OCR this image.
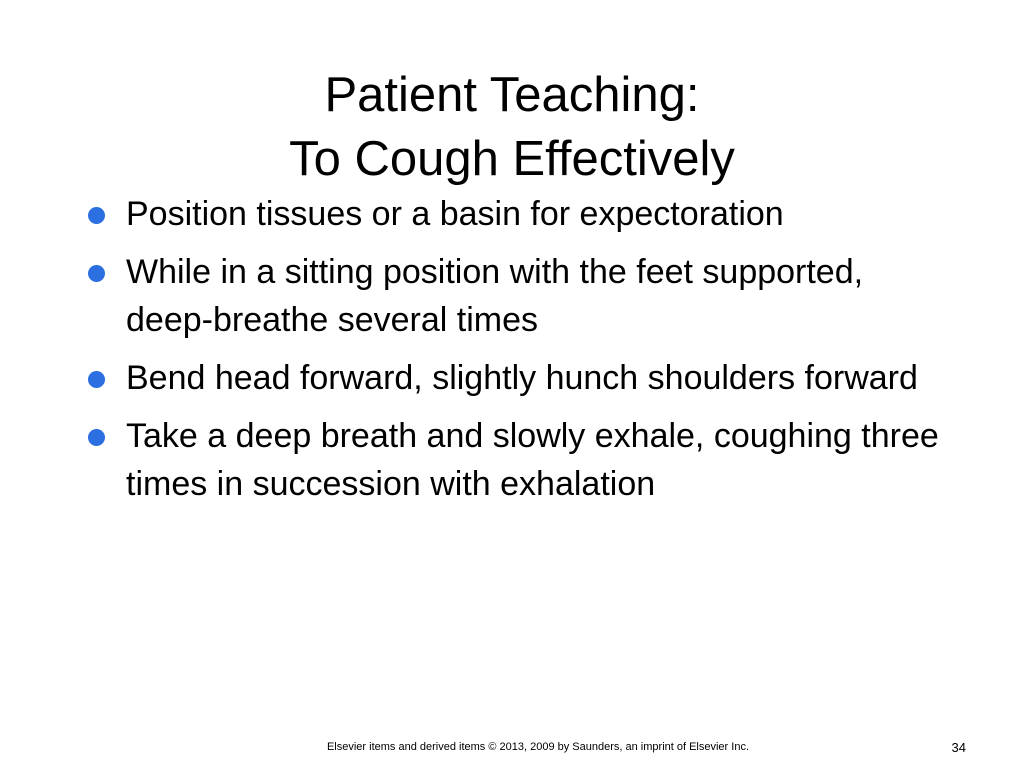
Patient Teaching:
To Cough Effectively
Position tissues or a basin for expectoration
While in a sitting position with the feet supported, deep-breathe several times
Bend head forward, slightly hunch shoulders forward
Take a deep breath and slowly exhale, coughing three times in succession with exhalation
Elsevier items and derived items © 2013, 2009 by Saunders, an imprint of Elsevier Inc.	34
